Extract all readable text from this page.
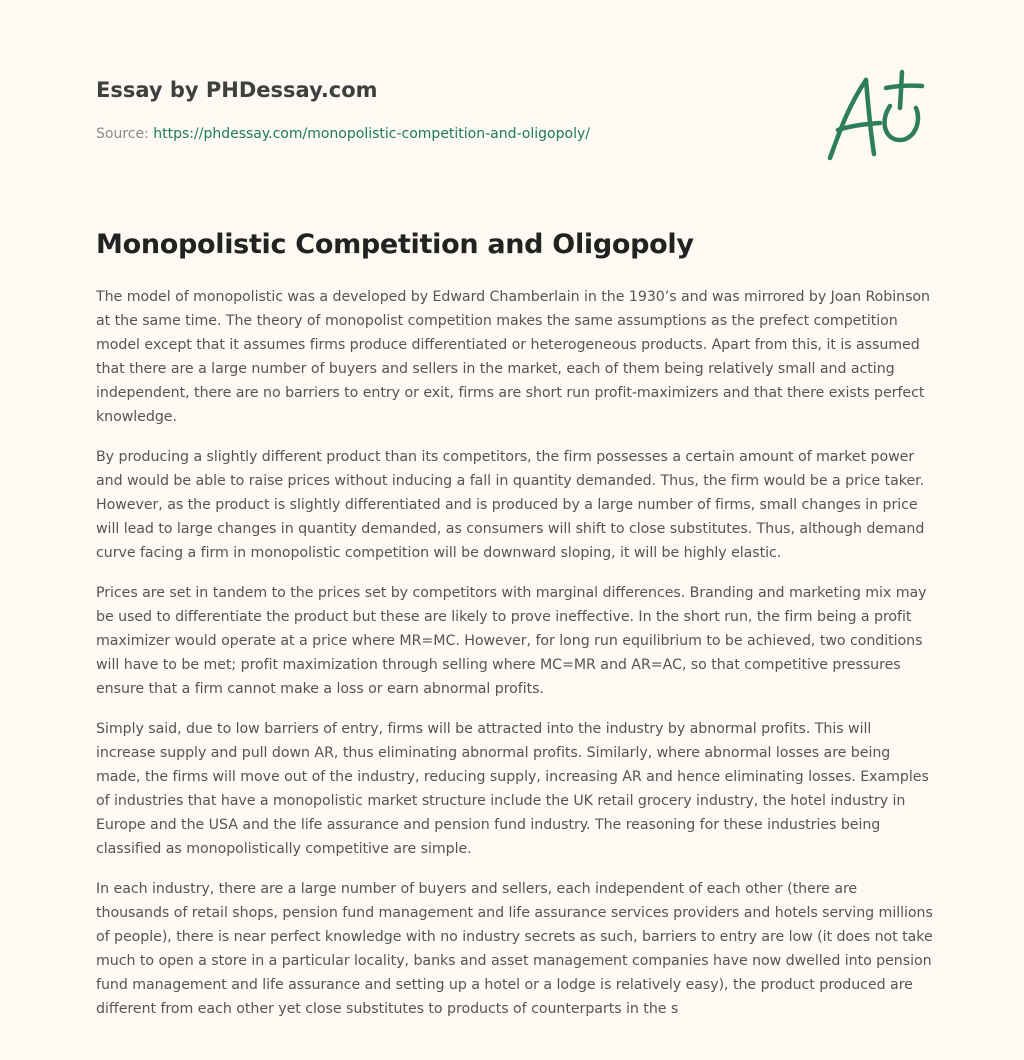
Essay by PHDessay.com
Source: https://phdessay.com/monopolistic-competition-and-oligopoly/
Monopolistic Competition and Oligopoly

The model of monopolistic was a developed by Edward Chamberlain in the 1930’s and was mirrored by Joan Robinson at the same time. The theory of monopolist competition makes the same assumptions as the prefect competition model except that it assumes firms produce differentiated or heterogeneous products. Apart from this, it is assumed that there are a large number of buyers and sellers in the market, each of them being relatively small and acting independent, there are no barriers to entry or exit, firms are short run profit-maximizers and that there exists perfect knowledge.

By producing a slightly different product than its competitors, the firm possesses a certain amount of market power and would be able to raise prices without inducing a fall in quantity demanded. Thus, the firm would be a price taker. However, as the product is slightly differentiated and is produced by a large number of firms, small changes in price will lead to large changes in quantity demanded, as consumers will shift to close substitutes. Thus, although demand curve facing a firm in monopolistic competition will be downward sloping, it will be highly elastic.

Prices are set in tandem to the prices set by competitors with marginal differences. Branding and marketing mix may be used to differentiate the product but these are likely to prove ineffective. In the short run, the firm being a profit maximizer would operate at a price where MR=MC. However, for long run equilibrium to be achieved, two conditions will have to be met; profit maximization through selling where MC=MR and AR=AC, so that competitive pressures ensure that a firm cannot make a loss or earn abnormal profits.

Simply said, due to low barriers of entry, firms will be attracted into the industry by abnormal profits. This will increase supply and pull down AR, thus eliminating abnormal profits. Similarly, where abnormal losses are being made, the firms will move out of the industry, reducing supply, increasing AR and hence eliminating losses. Examples of industries that have a monopolistic market structure include the UK retail grocery industry, the hotel industry in Europe and the USA and the life assurance and pension fund industry. The reasoning for these industries being classified as monopolistically competitive are simple.

In each industry, there are a large number of buyers and sellers, each independent of each other (there are thousands of retail shops, pension fund management and life assurance services providers and hotels serving millions of people), there is near perfect knowledge with no industry secrets as such, barriers to entry are low (it does not take much to open a store in a particular locality, banks and asset management companies have now dwelled into pension fund management and life assurance and setting up a hotel or a lodge is relatively easy), the product produced are different from each other yet close substitutes to products of counterparts in the s
